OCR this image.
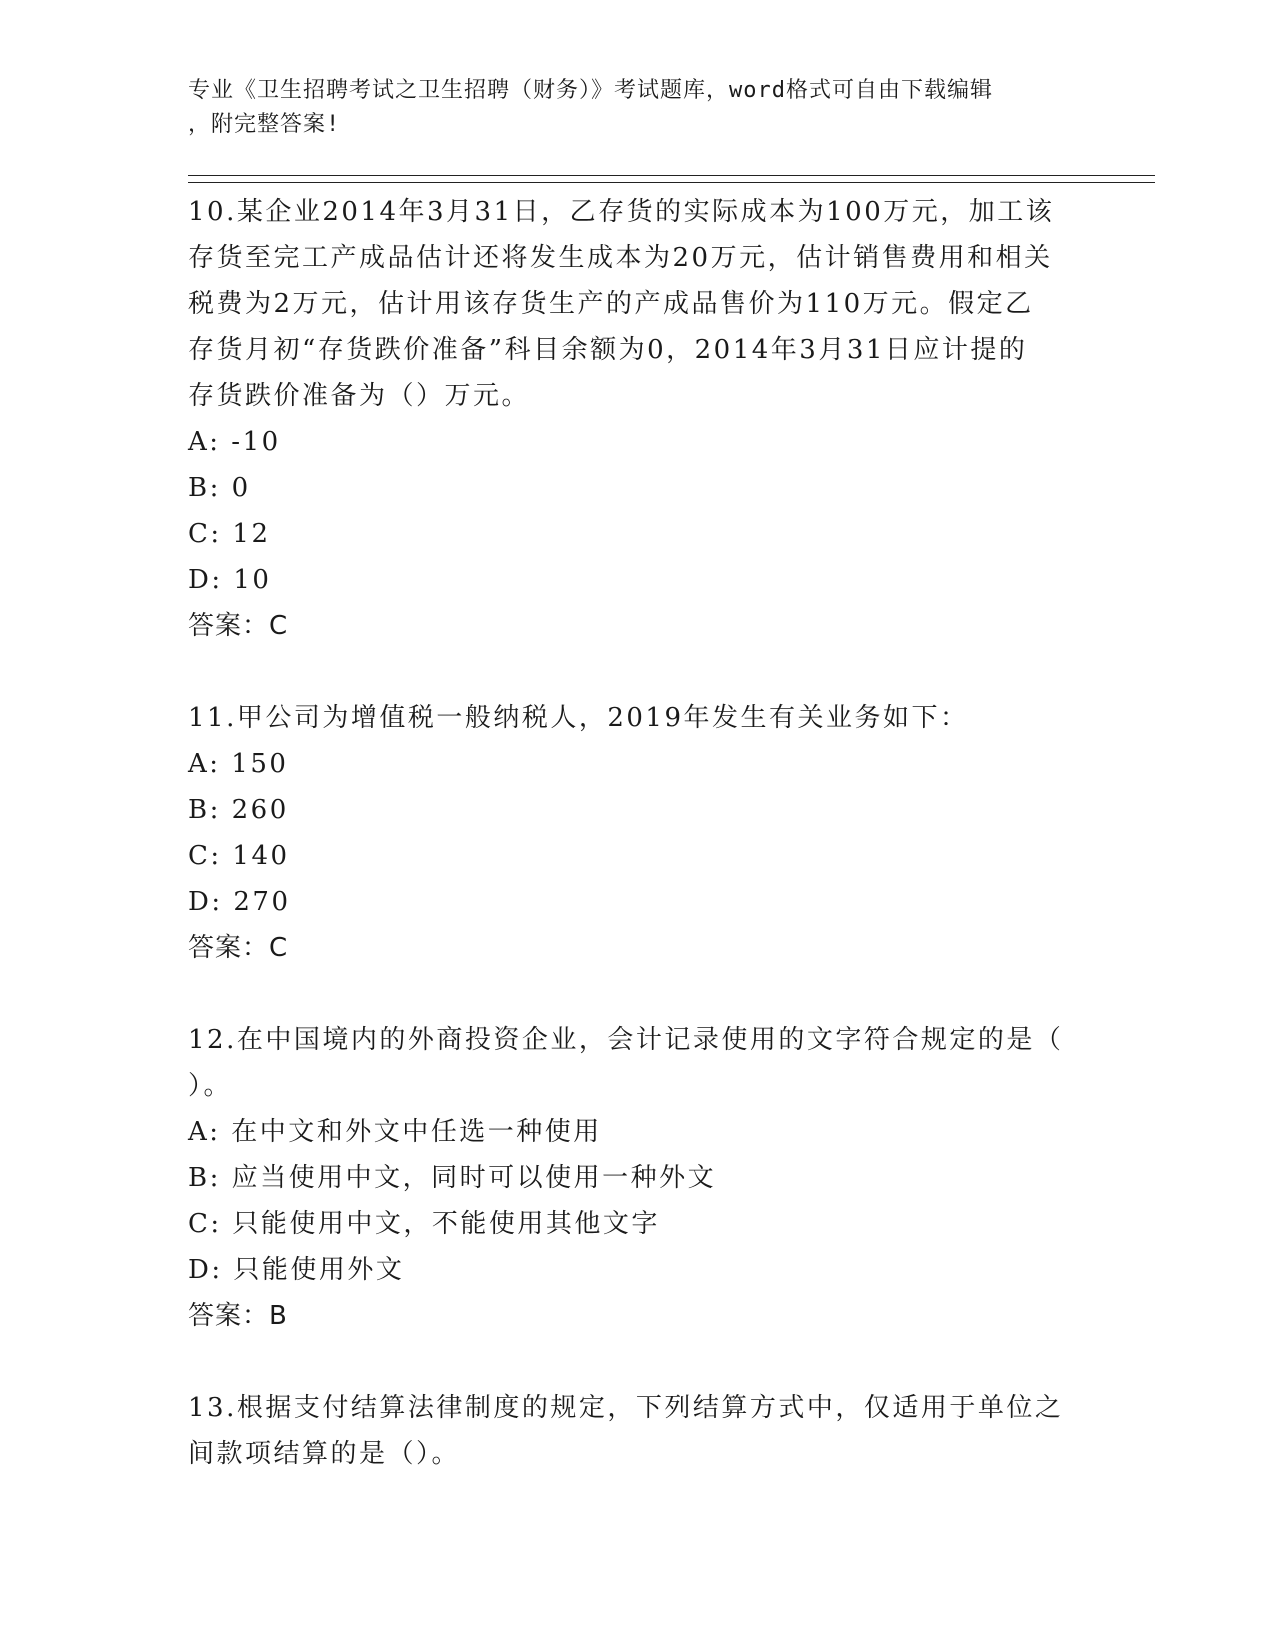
专业《卫生招聘考试之卫生招聘（财务）》考试题库，word格式可自由下载编辑
，附完整答案!

10.某企业2014年3月31日，乙存货的实际成本为100万元，加工该
存货至完工产成品估计还将发生成本为20万元，估计销售费用和相关
税费为2万元，估计用该存货生产的产成品售价为110万元。假定乙
存货月初“存货跌价准备”科目余额为0，2014年3月31日应计提的
存货跌价准备为（）万元。

A: -10
B: 0
C: 12
D: 10
答案：C

11.甲公司为增值税一般纳税人，2019年发生有关业务如下：

A: 150
B: 260
C: 140
D: 270
答案：C

12.在中国境内的外商投资企业，会计记录使用的文字符合规定的是（
）。

A: 在中文和外文中任选一种使用
B: 应当使用中文，同时可以使用一种外文
C: 只能使用中文，不能使用其他文字
D: 只能使用外文
答案：B

13.根据支付结算法律制度的规定，下列结算方式中，仅适用于单位之
间款项结算的是（）。
